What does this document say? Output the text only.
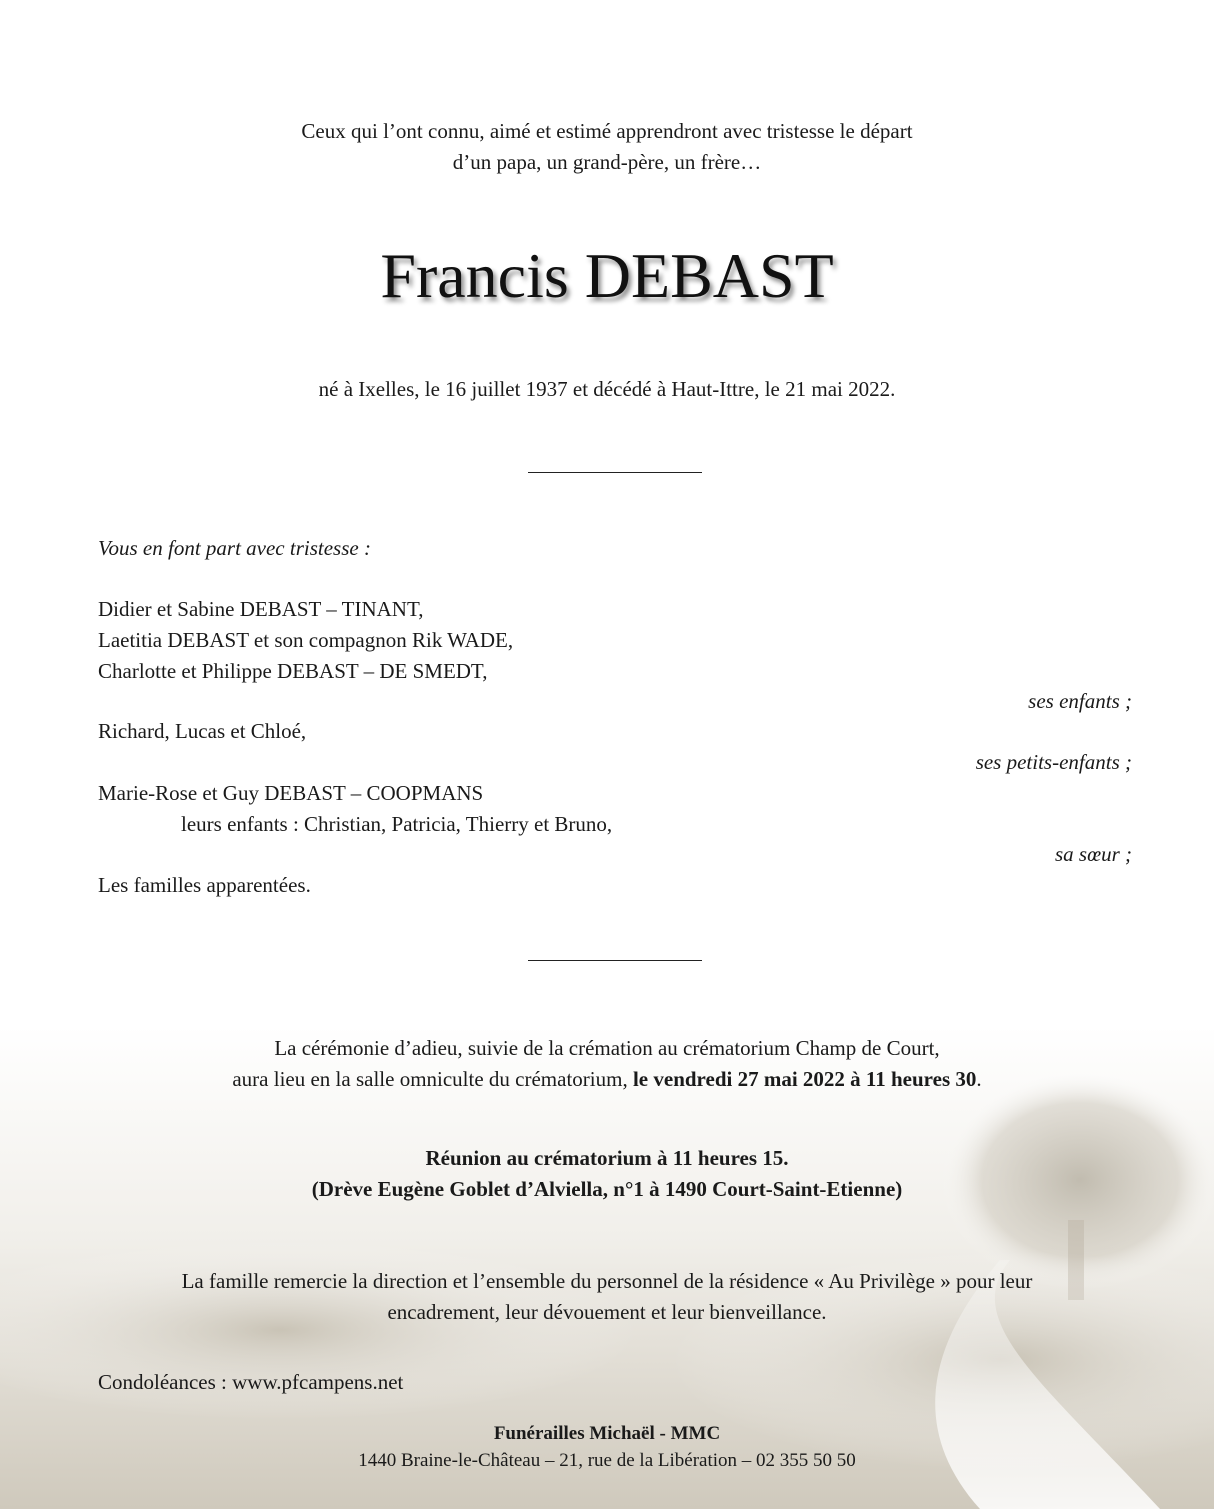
Ceux qui l’ont connu, aimé et estimé apprendront avec tristesse le départ
d’un papa, un grand-père, un frère…
Francis DEBAST
né à Ixelles, le 16 juillet 1937 et décédé à Haut-Ittre, le 21 mai 2022.
Vous en font part avec tristesse :
Didier et Sabine DEBAST – TINANT,
Laetitia DEBAST et son compagnon Rik WADE,
Charlotte et Philippe DEBAST – DE SMEDT,
ses enfants ;
Richard, Lucas et Chloé,
ses petits-enfants ;
Marie-Rose et Guy DEBAST – COOPMANS
leurs enfants : Christian, Patricia, Thierry et Bruno,
sa sœur ;
Les familles apparentées.
La cérémonie d’adieu, suivie de la crémation au crématorium Champ de Court,
aura lieu en la salle omniculte du crématorium, le vendredi 27 mai 2022 à 11 heures 30.
Réunion au crématorium à 11 heures 15.
(Drève Eugène Goblet d’Alviella, n°1 à 1490 Court-Saint-Etienne)
La famille remercie la direction et l’ensemble du personnel de la résidence « Au Privilège » pour leur
encadrement, leur dévouement et leur bienveillance.
Condoléances : www.pfcampens.net
Funérailles Michaël - MMC
1440 Braine-le-Château – 21, rue de la Libération – 02 355 50 50
